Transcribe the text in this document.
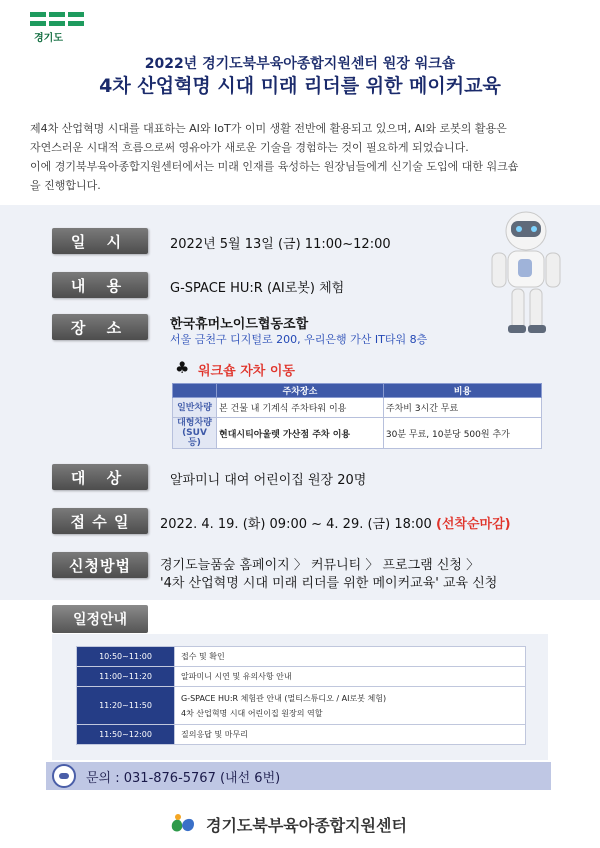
경기도
2022년 경기도북부육아종합지원센터 원장 워크숍
4차 산업혁명 시대 미래 리더를 위한 메이커교육
제4차 산업혁명 시대를 대표하는 AI와 IoT가 이미 생활 전반에 활용되고 있으며, AI와 로봇의 활용은
자연스러운 시대적 흐름으로써 영유아가 새로운 기술을 경험하는 것이 필요하게 되었습니다.
이에 경기북부육아종합지원센터에서는 미래 인재를 육성하는 원장님들에게 신기술 도입에 대한 워크숍
을 진행합니다.
일 시	2022년 5월 13일 (금) 11:00~12:00
내 용	G-SPACE HU:R (AI로봇) 체험
장 소	한국휴머노이드협동조합
서울 금천구 디지털로 200, 우리은행 가산 IT타워 8층
♣ 워크숍 자차 이동
	주차장소	비용
일반차량	본 건물 내 기계식 주차타워 이용	주차비 3시간 무료

대형차량
(SUV 등)	현대시티아울렛 가산점 주차 이용	30분 무료, 10분당 500원 추가
대 상	알파미니 대여 어린이집 원장 20명
접 수 일	2022. 4. 19. (화) 09:00 ~ 4. 29. (금) 18:00 (선착순마감)
신청방법	경기도늘품숲 홈페이지 〉 커뮤니티 〉 프로그램 신청 〉
'4차 산업혁명 시대 미래 리더를 위한 메이커교육' 교육 신청
일정안내
10:50~11:00	접수 및 확인
11:00~11:20	알파미니 시연 및 유의사항 안내
11:20~11:50	G-SPACE HU:R 체험관 안내 (멀티스튜디오 / AI로봇 체험)
4차 산업혁명 시대 어린이집 원장의 역할

11:50~12:00	질의응답 및 마무리
문의 : 031-876-5767 (내선 6번)
경기도북부육아종합지원센터
